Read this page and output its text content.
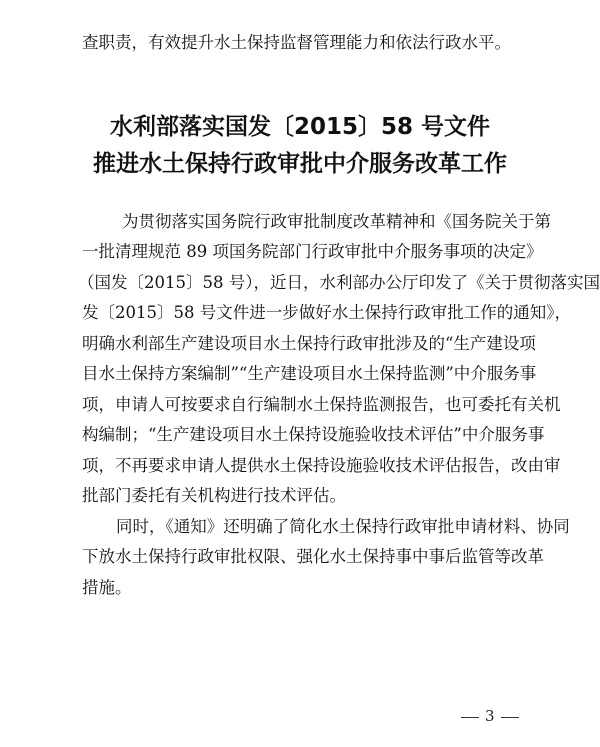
查职责，有效提升水土保持监督管理能力和依法行政水平。
水利部落实国发〔2015〕58 号文件
推进水土保持行政审批中介服务改革工作
为贯彻落实国务院行政审批制度改革精神和《国务院关于第
一批清理规范 89 项国务院部门行政审批中介服务事项的决定》
（国发〔2015〕58 号），近日，水利部办公厅印发了《关于贯彻落实国
发〔2015〕58 号文件进一步做好水土保持行政审批工作的通知》，
明确水利部生产建设项目水土保持行政审批涉及的“生产建设项
目水土保持方案编制”“生产建设项目水土保持监测”中介服务事
项，申请人可按要求自行编制水土保持监测报告，也可委托有关机
构编制；“生产建设项目水土保持设施验收技术评估”中介服务事
项，不再要求申请人提供水土保持设施验收技术评估报告，改由审
批部门委托有关机构进行技术评估。
同时，《通知》还明确了简化水土保持行政审批申请材料、协同
下放水土保持行政审批权限、强化水土保持事中事后监管等改革
措施。
3
